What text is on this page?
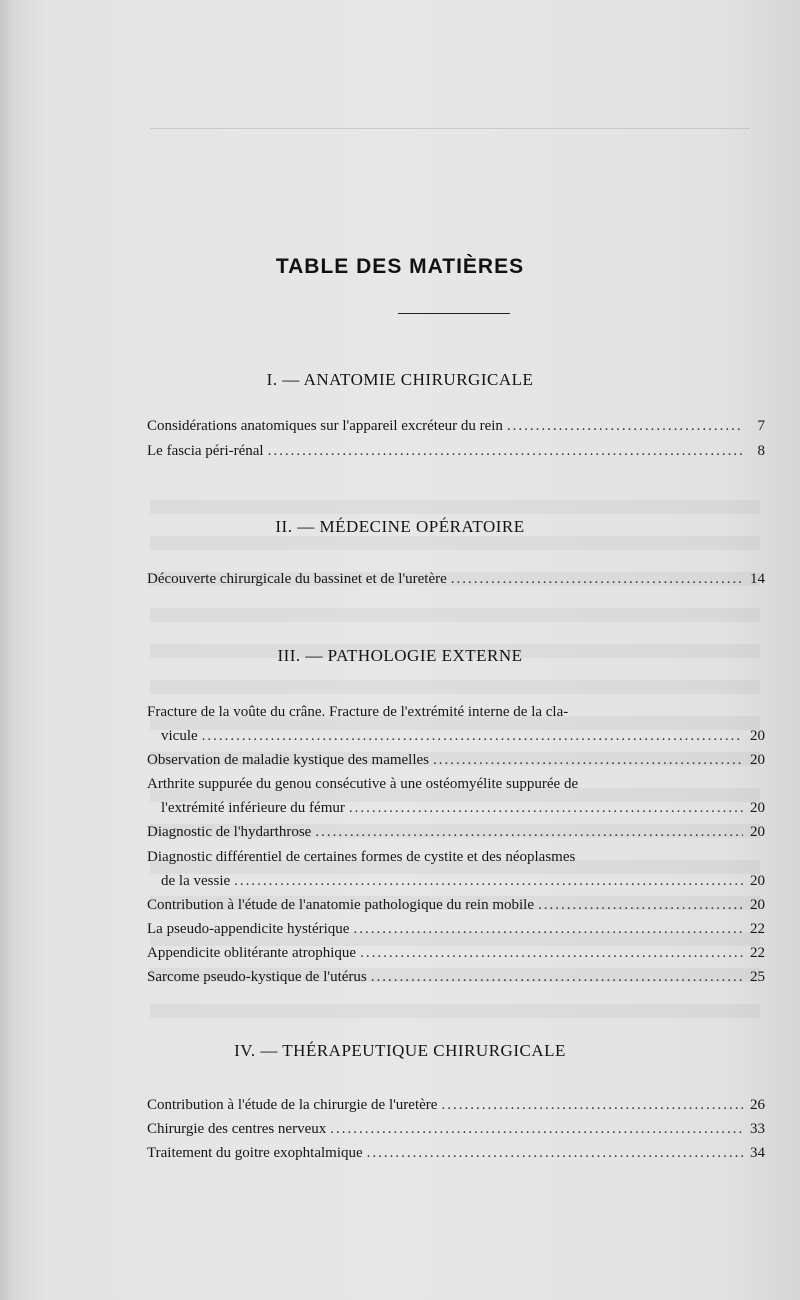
TABLE DES MATIÈRES
I. — ANATOMIE CHIRURGICALE
Considérations anatomiques sur l'appareil excréteur du rein .....	7
Le fascia péri-rénal .....	8
II. — MÉDECINE OPÉRATOIRE
Découverte chirurgicale du bassinet et de l'uretère .....	14
III. — PATHOLOGIE EXTERNE
Fracture de la voûte du crâne. Fracture de l'extrémité interne de la cla-
vicule .....	20
Observation de maladie kystique des mamelles .....	20
Arthrite suppurée du genou consécutive à une ostéomyélite suppurée de
l'extrémité inférieure du fémur .....	20
Diagnostic de l'hydarthrose .....	20
Diagnostic différentiel de certaines formes de cystite et des néoplasmes
de la vessie .....	20
Contribution à l'étude de l'anatomie pathologique du rein mobile .....	20
La pseudo-appendicite hystérique .....	22
Appendicite oblitérante atrophique .....	22
Sarcome pseudo-kystique de l'utérus .....	25
IV. — THÉRAPEUTIQUE CHIRURGICALE
Contribution à l'étude de la chirurgie de l'uretère .....	26
Chirurgie des centres nerveux .....	33
Traitement du goitre exophtalmique .....	34
